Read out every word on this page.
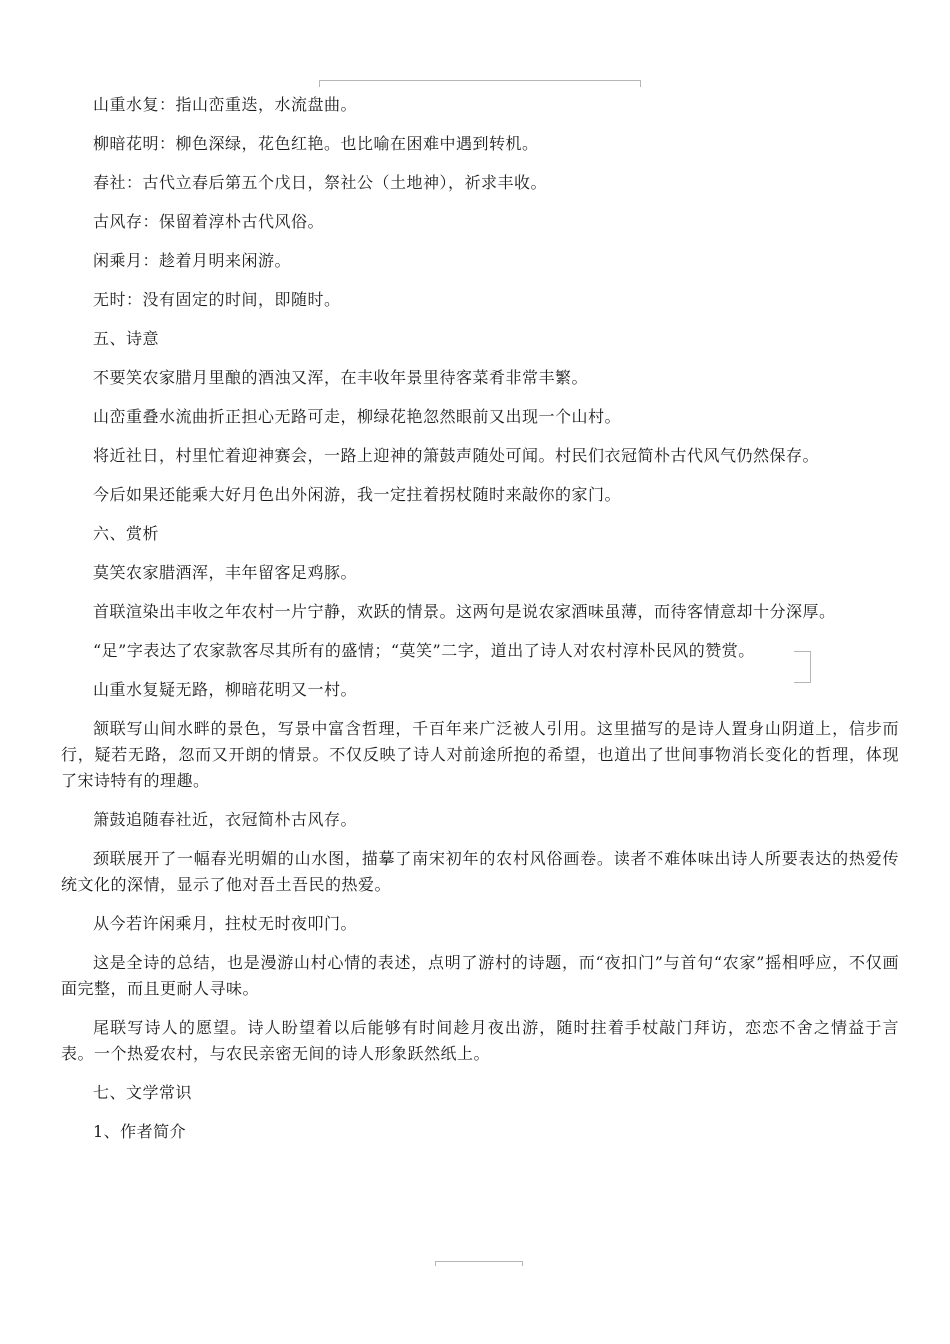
山重水复：指山峦重迭，水流盘曲。

柳暗花明：柳色深绿，花色红艳。也比喻在困难中遇到转机。

春社：古代立春后第五个戊日，祭社公（土地神），祈求丰收。

古风存：保留着淳朴古代风俗。

闲乘月：趁着月明来闲游。

无时：没有固定的时间，即随时。

五、诗意

不要笑农家腊月里酿的酒浊又浑，在丰收年景里待客菜肴非常丰繁。

山峦重叠水流曲折正担心无路可走，柳绿花艳忽然眼前又出现一个山村。

将近社日，村里忙着迎神赛会，一路上迎神的箫鼓声随处可闻。村民们衣冠简朴古代风气仍然保存。

今后如果还能乘大好月色出外闲游，我一定拄着拐杖随时来敲你的家门。

六、赏析

莫笑农家腊酒浑，丰年留客足鸡豚。

首联渲染出丰收之年农村一片宁静，欢跃的情景。这两句是说农家酒味虽薄，而待客情意却十分深厚。

“足”字表达了农家款客尽其所有的盛情；“莫笑”二字，道出了诗人对农村淳朴民风的赞赏。

山重水复疑无路，柳暗花明又一村。

颔联写山间水畔的景色，写景中富含哲理，千百年来广泛被人引用。这里描写的是诗人置身山阴道上，信步而行，疑若无路，忽而又开朗的情景。不仅反映了诗人对前途所抱的希望，也道出了世间事物消长变化的哲理，体现了宋诗特有的理趣。

箫鼓追随春社近，衣冠简朴古风存。

颈联展开了一幅春光明媚的山水图，描摹了南宋初年的农村风俗画卷。读者不难体味出诗人所要表达的热爱传统文化的深情，显示了他对吾土吾民的热爱。

从今若许闲乘月，拄杖无时夜叩门。

这是全诗的总结，也是漫游山村心情的表述，点明了游村的诗题，而“夜扣门”与首句“农家”摇相呼应，不仅画面完整，而且更耐人寻味。

尾联写诗人的愿望。诗人盼望着以后能够有时间趁月夜出游，随时拄着手杖敲门拜访，恋恋不舍之情益于言表。一个热爱农村，与农民亲密无间的诗人形象跃然纸上。

七、文学常识

1、作者简介
